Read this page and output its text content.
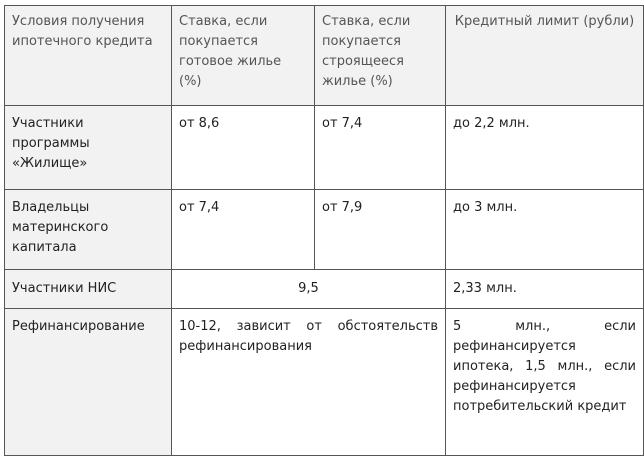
Условия получения ипотечного кредита	Ставка, если покупается готовое жилье (%)	Ставка, если покупается строящееся жилье (%)	Кредитный лимит (рубли)
Участники программы «Жилище»	от 8,6	от 7,4	до 2,2 млн.
Владельцы материнского капитала	от 7,4	от 7,9	до 3 млн.
Участники НИС	9,5		2,33 млн.
Рефинансирование	10-12, зависит от обстоятельств рефинансирования		5 млн., если рефинансируется ипотека, 1,5 млн., если рефинансируется потребительский кредит
